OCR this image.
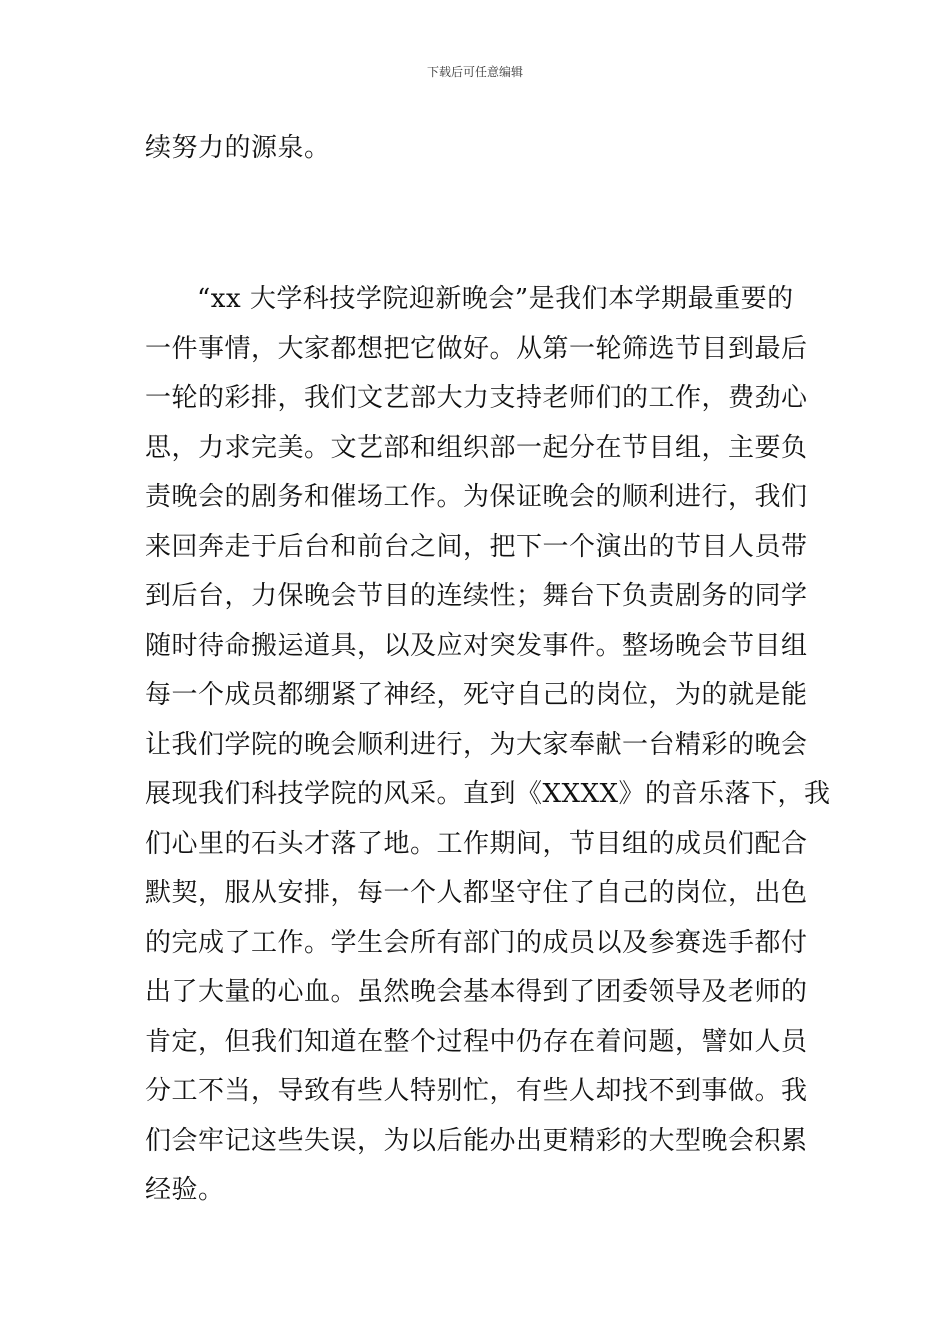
下载后可任意编辑
续努力的源泉。
“xx 大学科技学院迎新晚会”是我们本学期最重要的
一件事情，大家都想把它做好。从第一轮筛选节目到最后
一轮的彩排，我们文艺部大力支持老师们的工作，费劲心
思，力求完美。文艺部和组织部一起分在节目组，主要负
责晚会的剧务和催场工作。为保证晚会的顺利进行，我们
来回奔走于后台和前台之间，把下一个演出的节目人员带
到后台，力保晚会节目的连续性；舞台下负责剧务的同学
随时待命搬运道具，以及应对突发事件。整场晚会节目组
每一个成员都绷紧了神经，死守自己的岗位，为的就是能
让我们学院的晚会顺利进行，为大家奉献一台精彩的晚会
展现我们科技学院的风采。直到《XXXX》的音乐落下，我
们心里的石头才落了地。工作期间，节目组的成员们配合
默契，服从安排，每一个人都坚守住了自己的岗位，出色
的完成了工作。学生会所有部门的成员以及参赛选手都付
出了大量的心血。虽然晚会基本得到了团委领导及老师的
肯定，但我们知道在整个过程中仍存在着问题，譬如人员
分工不当，导致有些人特别忙，有些人却找不到事做。我
们会牢记这些失误，为以后能办出更精彩的大型晚会积累
经验。
